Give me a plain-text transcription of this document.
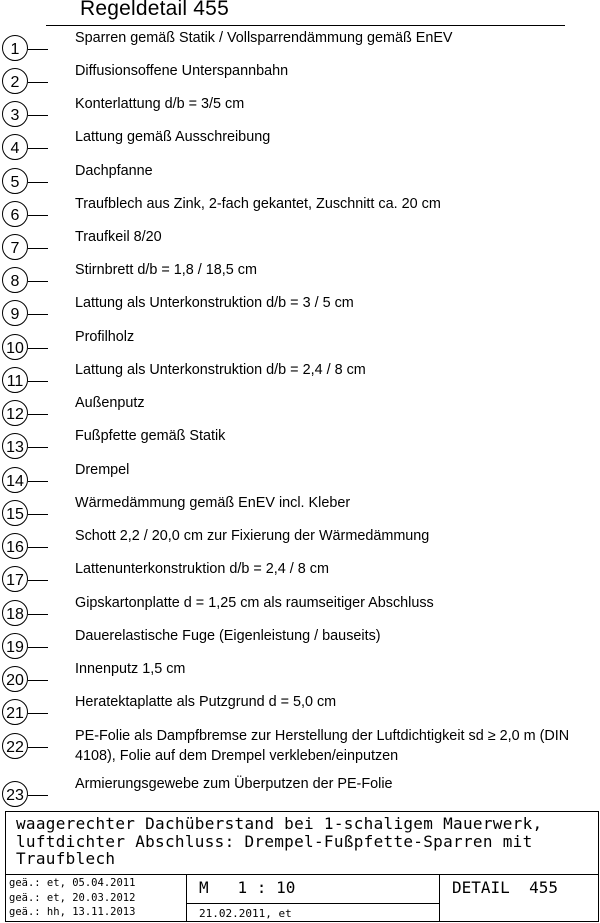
Regeldetail 455
1
Sparren gemäß Statik / Vollsparrendämmung gemäß EnEV
2
Diffusionsoffene Unterspannbahn
3
Konterlattung d/b = 3/5 cm
4
Lattung gemäß Ausschreibung
5
Dachpfanne
6
Traufblech aus Zink, 2-fach gekantet, Zuschnitt ca. 20 cm
7
Traufkeil 8/20
8
Stirnbrett d/b = 1,8 / 18,5 cm
9
Lattung als Unterkonstruktion d/b = 3 / 5 cm
10
Profilholz
11
Lattung als Unterkonstruktion d/b = 2,4 / 8 cm
12
Außenputz
13
Fußpfette gemäß Statik
14
Drempel
15
Wärmedämmung gemäß EnEV incl. Kleber
16
Schott 2,2 / 20,0 cm zur Fixierung der Wärmedämmung
17
Lattenunterkonstruktion d/b = 2,4 / 8 cm
18
Gipskartonplatte d = 1,25 cm als raumseitiger Abschluss
19
Dauerelastische Fuge (Eigenleistung / bauseits)
20
Innenputz 1,5 cm
21
Heratektaplatte als Putzgrund d = 5,0 cm
22
PE-Folie als Dampfbremse zur Herstellung der Luftdichtigkeit sd ≥ 2,0 m (DIN 4108), Folie auf dem Drempel verkleben/einputzen
23
Armierungsgewebe zum Überputzen der PE-Folie
waagerechter Dachüberstand bei 1-schaligem Mauerwerk, luftdichter Abschluss: Drempel-Fußpfette-Sparren mit Traufblech
geä.: et, 05.04.2011
geä.: et, 20.03.2012
geä.: hh, 13.11.2013
M   1 : 10
21.02.2011, et
DETAIL  455
